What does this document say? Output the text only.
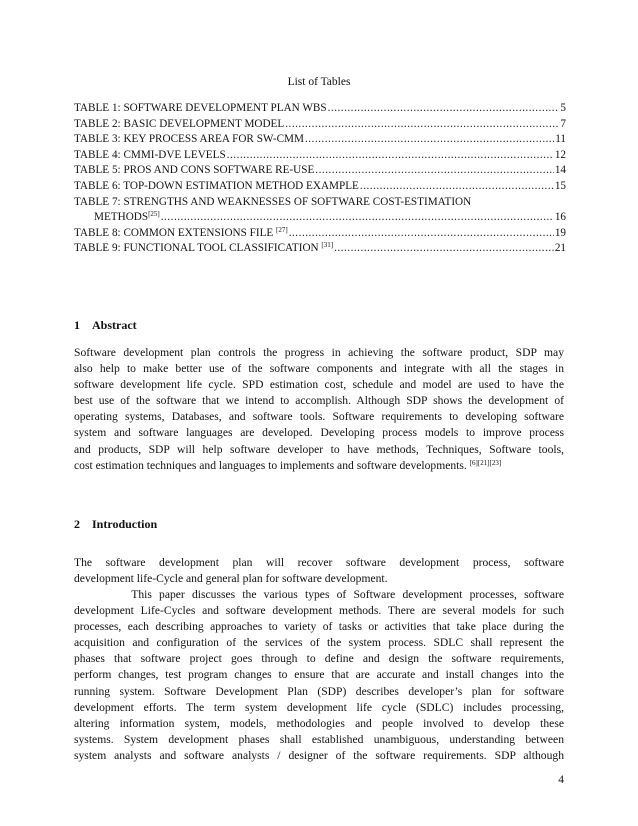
List of Tables
TABLE 1: SOFTWARE DEVELOPMENT PLAN WBS .....	5
TABLE 2: BASIC DEVELOPMENT MODEL .....	7
TABLE 3: KEY PROCESS AREA FOR SW-CMM .....	11
TABLE 4: CMMI-DVE LEVELS .....	12
TABLE 5: PROS AND CONS SOFTWARE RE-USE .....	14
TABLE 6: TOP-DOWN ESTIMATION METHOD EXAMPLE .....	15
TABLE 7: STRENGTHS AND WEAKNESSES OF SOFTWARE COST-ESTIMATION
METHODS[25] .....	16
TABLE 8: COMMON EXTENSIONS FILE [27] .....	19
TABLE 9: FUNCTIONAL TOOL CLASSIFICATION [31] .....	21
1 Abstract
Software development plan controls the progress in achieving the software product, SDP may
also help to make better use of the software components and integrate with all the stages in
software development life cycle. SPD estimation cost, schedule and model are used to have the
best use of the software that we intend to accomplish. Although SDP shows the development of
operating systems, Databases, and software tools. Software requirements to developing software
system and software languages are developed. Developing process models to improve process
and products, SDP will help software developer to have methods, Techniques, Software tools,
cost estimation techniques and languages to implements and software developments. [6][21][23]
2 Introduction
The  software  development  plan  will  recover  software  development  process,  software
development life-Cycle and general plan for software development.
This paper discusses the various types of Software development processes, software
development Life-Cycles and software development methods. There are several models for such
processes, each describing approaches to variety of tasks or activities that take place during the
acquisition and configuration of the services of the system process. SDLC shall represent the
phases that software project goes through to define and design the software requirements,
perform changes, test program changes to ensure that are accurate and install changes into the
running system. Software Development Plan (SDP) describes developer’s plan for software
development efforts. The term system development life cycle (SDLC) includes processing,
altering information system, models, methodologies and people involved to develop these
systems. System development phases shall established unambiguous, understanding between
system analysts and software analysts / designer of the software requirements. SDP although
4
